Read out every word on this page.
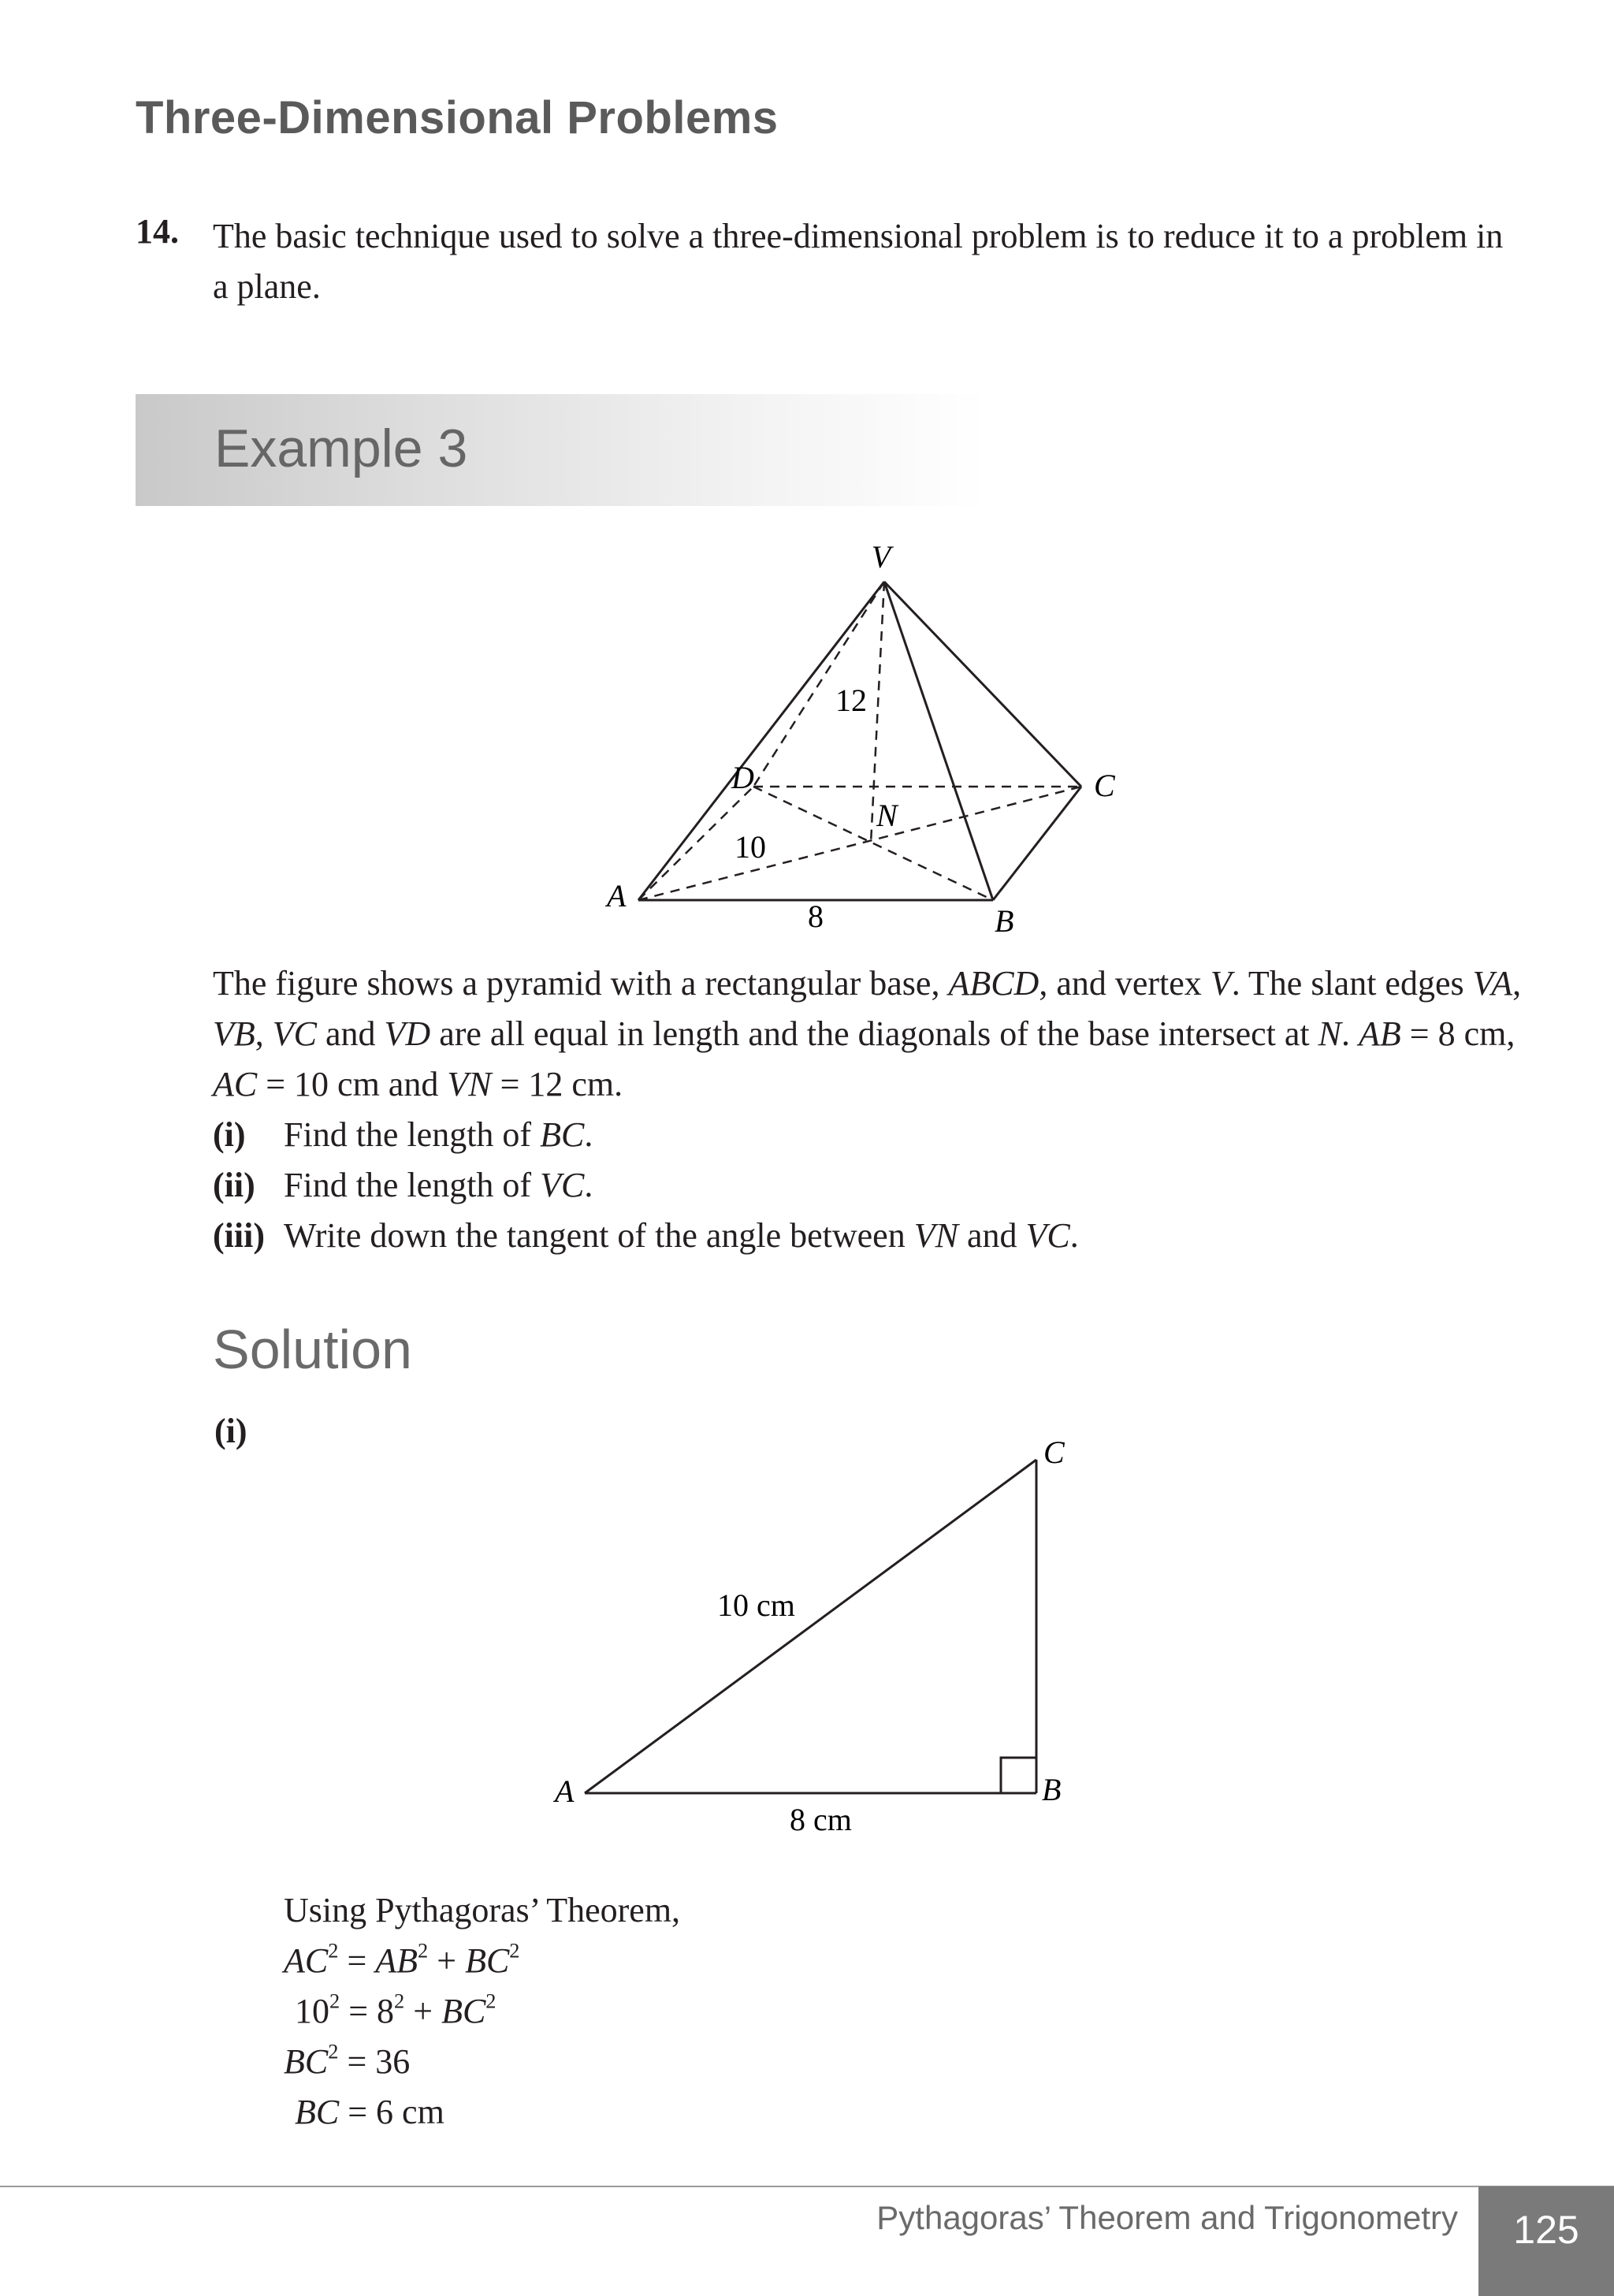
Three-Dimensional Problems
14. The basic technique used to solve a three-dimensional problem is to reduce it to a problem in a plane.
Example 3
V
D	C
N
A
B
12
10
8

The figure shows a pyramid with a rectangular base, ABCD, and vertex V. The slant edges VA, VB, VC and VD are all equal in length and the diagonals of the base intersect at N. AB = 8 cm, AC = 10 cm and VN = 12 cm.

(i)	Find the length of BC.
(ii) Find the length of VC.
(iii) Write down the tangent of the angle between VN and VC.
Solution
(i)
C
A	B
10 cm
8 cm
Using Pythagoras’ Theorem,
$AC^2 = AB^2 + BC^2$
$10^2 = 8^2 + BC^2$
$BC^2 = 36$
BC = 6 cm
Pythagoras’ Theorem and Trigonometry	125
